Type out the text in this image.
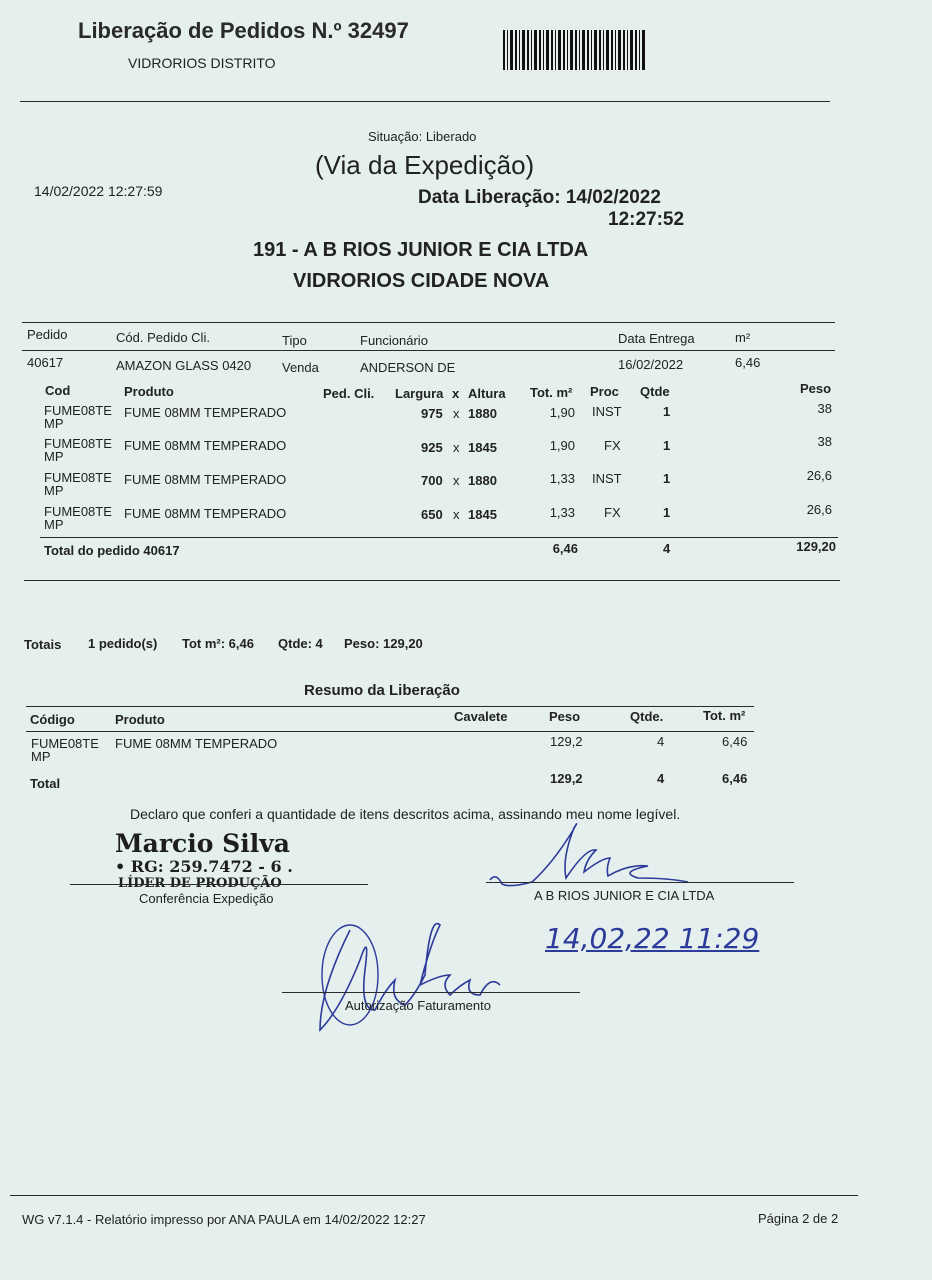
Liberação de Pedidos N.º 32497
VIDRORIOS DISTRITO
Situação: Liberado
(Via da Expedição)
14/02/2022 12:27:59	Data Liberação: 14/02/2022
12:27:52
191 - A B RIOS JUNIOR E CIA LTDA
VIDRORIOS CIDADE NOVA
Pedido	Cód. Pedido Cli.	Tipo	Funcionário	Data Entrega	m²
40617	AMAZON GLASS 0420 Venda	ANDERSON DE	16/02/2022	6,46
Cod	Produto	Ped. Cli. Largura x Altura Tot. m² Proc Qtde	Peso
FUME08TE
MP
FUME 08MM TEMPERADO	975 x 1880	1,90 INST	1	38
FUME08TE
MP
FUME 08MM TEMPERADO	925 x 1845	1,90 FX	1	38
FUME08TE
MP
FUME 08MM TEMPERADO	700 x 1880	1,33 INST	1	26,6
FUME08TE
MP
FUME 08MM TEMPERADO	650 x 1845	1,33 FX	1	26,6
Total do pedido 40617	6,46	4	129,20
Totais 1 pedido(s) Tot m²: 6,46 Qtde: 4 Peso: 129,20
Resumo da Liberação
Código	Produto	Cavalete	Peso	Qtde.	Tot. m²
FUME08TE
MP
FUME 08MM TEMPERADO	129,2	4	6,46
Total	129,2	4	6,46
Declaro que conferi a quantidade de itens descritos acima, assinando meu nome legível.
Marcio Silva
• RG: 259.7472 - 6 .
LÍDER DE PRODUÇÃO
Conferência Expedição	A B RIOS JUNIOR E CIA LTDA
14,02,22 11:29
Autorização Faturamento
WG v7.1.4 - Relatório impresso por ANA PAULA em 14/02/2022 12:27	Página 2 de 2
